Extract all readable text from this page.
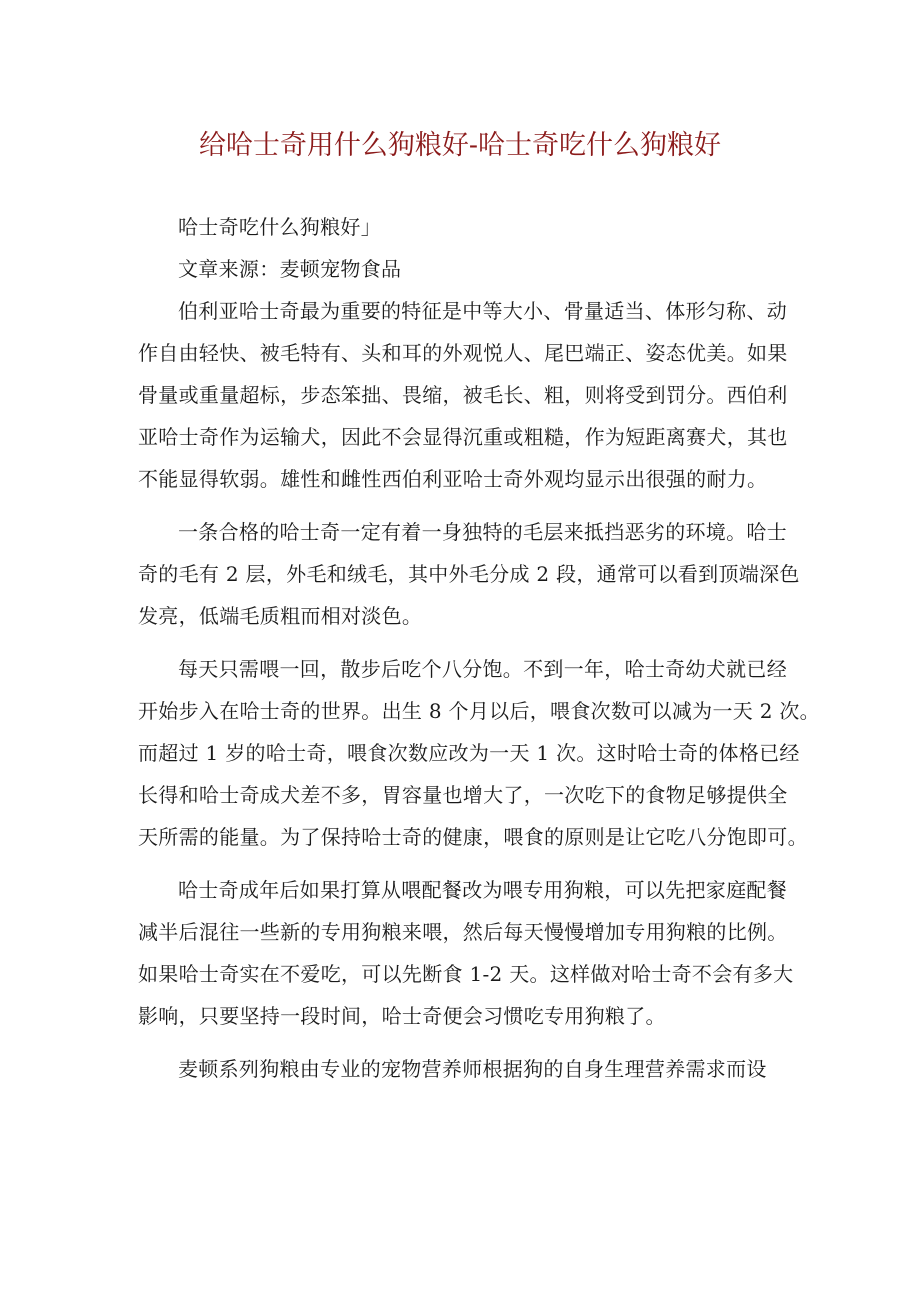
给哈士奇用什么狗粮好-哈士奇吃什么狗粮好

哈士奇吃什么狗粮好」

文章来源：麦顿宠物食品

伯利亚哈士奇最为重要的特征是中等大小、骨量适当、体形匀称、动
作自由轻快、被毛特有、头和耳的外观悦人、尾巴端正、姿态优美。如果
骨量或重量超标，步态笨拙、畏缩，被毛长、粗，则将受到罚分。西伯利
亚哈士奇作为运输犬，因此不会显得沉重或粗糙，作为短距离赛犬，其也
不能显得软弱。雄性和雌性西伯利亚哈士奇外观均显示出很强的耐力。

一条合格的哈士奇一定有着一身独特的毛层来抵挡恶劣的环境。哈士
奇的毛有 2 层，外毛和绒毛，其中外毛分成 2 段，通常可以看到顶端深色
发亮，低端毛质粗而相对淡色。

每天只需喂一回，散步后吃个八分饱。不到一年，哈士奇幼犬就已经
开始步入在哈士奇的世界。出生 8 个月以后，喂食次数可以减为一天 2 次。
而超过 1 岁的哈士奇，喂食次数应改为一天 1 次。这时哈士奇的体格已经
长得和哈士奇成犬差不多，胃容量也增大了，一次吃下的食物足够提供全
天所需的能量。为了保持哈士奇的健康，喂食的原则是让它吃八分饱即可。

哈士奇成年后如果打算从喂配餐改为喂专用狗粮，可以先把家庭配餐
减半后混往一些新的专用狗粮来喂，然后每天慢慢增加专用狗粮的比例。
如果哈士奇实在不爱吃，可以先断食 1-2 天。这样做对哈士奇不会有多大
影响，只要坚持一段时间，哈士奇便会习惯吃专用狗粮了。

麦顿系列狗粮由专业的宠物营养师根据狗的自身生理营养需求而设
